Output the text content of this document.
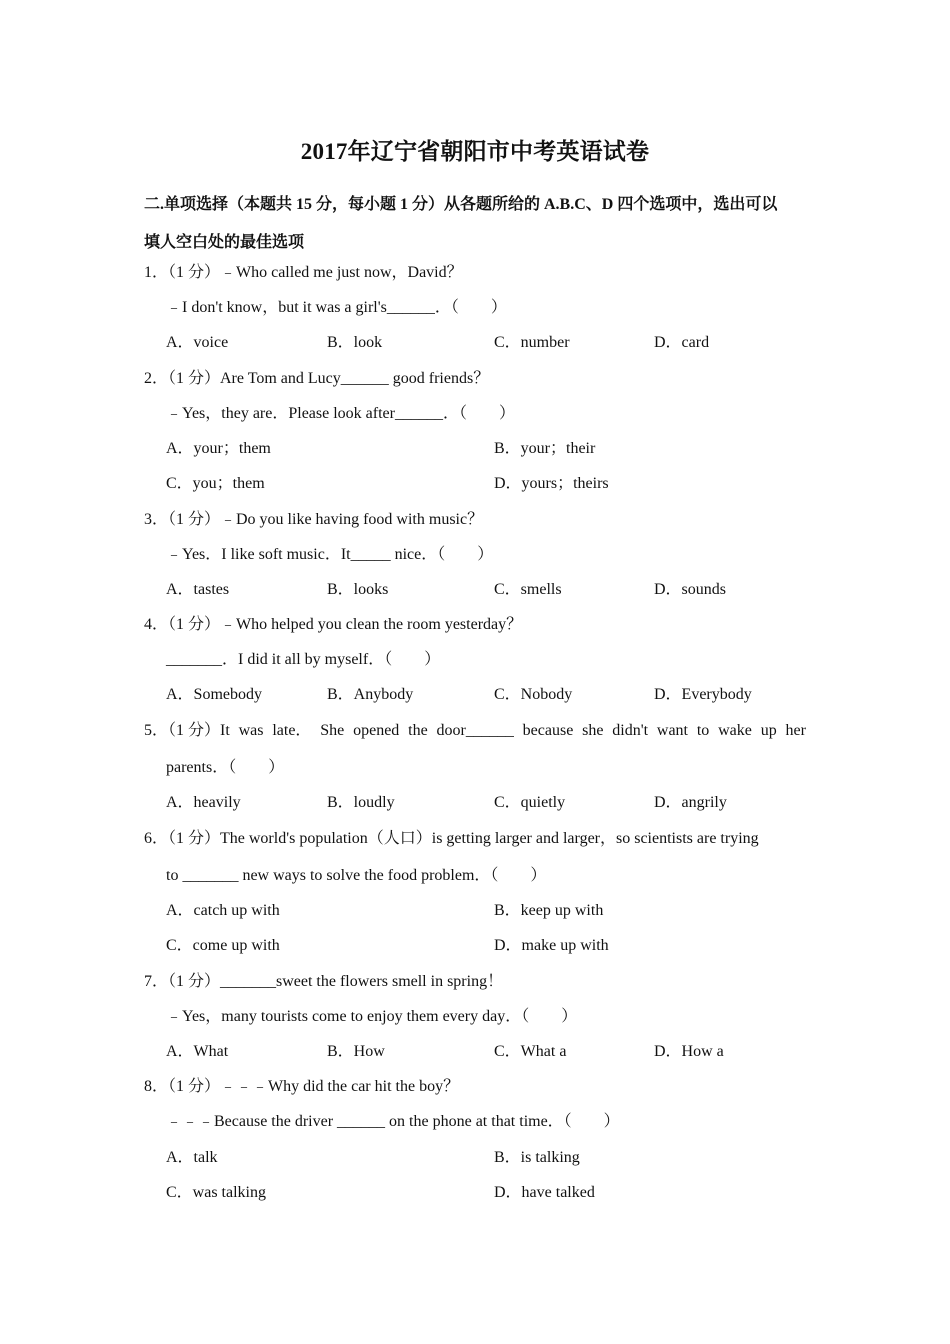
2017年辽宁省朝阳市中考英语试卷
二.单项选择（本题共 15 分，每小题 1 分）从各题所给的 A.B.C、D 四个选项中，选出可以
填人空白处的最佳选项
1．（1 分）﹣Who called me just now，David？
﹣I don't know，but it was a girl's______．（　　）
A．voice	B．look	C．number	D．card
2．（1 分）Are Tom and Lucy______ good friends？
﹣Yes，they are．Please look after______．（　　）
A．your；them	B．your；their
C．you；them	D．yours；theirs
3．（1 分）﹣Do you like having food with music？
﹣Yes．I like soft music．It_____ nice．（　　）
A．tastes	B．looks	C．smells	D．sounds
4．（1 分）﹣Who helped you clean the room yesterday？
_______．I did it all by myself．（　　）
A．Somebody	B．Anybody	C．Nobody	D．Everybody
5．（1 分）It was late． She opened the door______ because she didn't want to wake up her
parents．（　　）
A．heavily	B．loudly	C．quietly	D．angrily
6．（1 分）The world's population（人口）is getting larger and larger，so scientists are trying
to _______ new ways to solve the food problem．（　　）
A．catch up with	B．keep up with
C．come up with	D．make up with
7．（1 分）_______sweet the flowers smell in spring！
﹣Yes，many tourists come to enjoy them every day．（　　）
A．What	B．How	C．What a	D．How a
8．（1 分）﹣﹣﹣Why did the car hit the boy？
﹣﹣﹣Because the driver ______ on the phone at that time．（　　）
A．talk	B．is talking
C．was talking	D．have talked
